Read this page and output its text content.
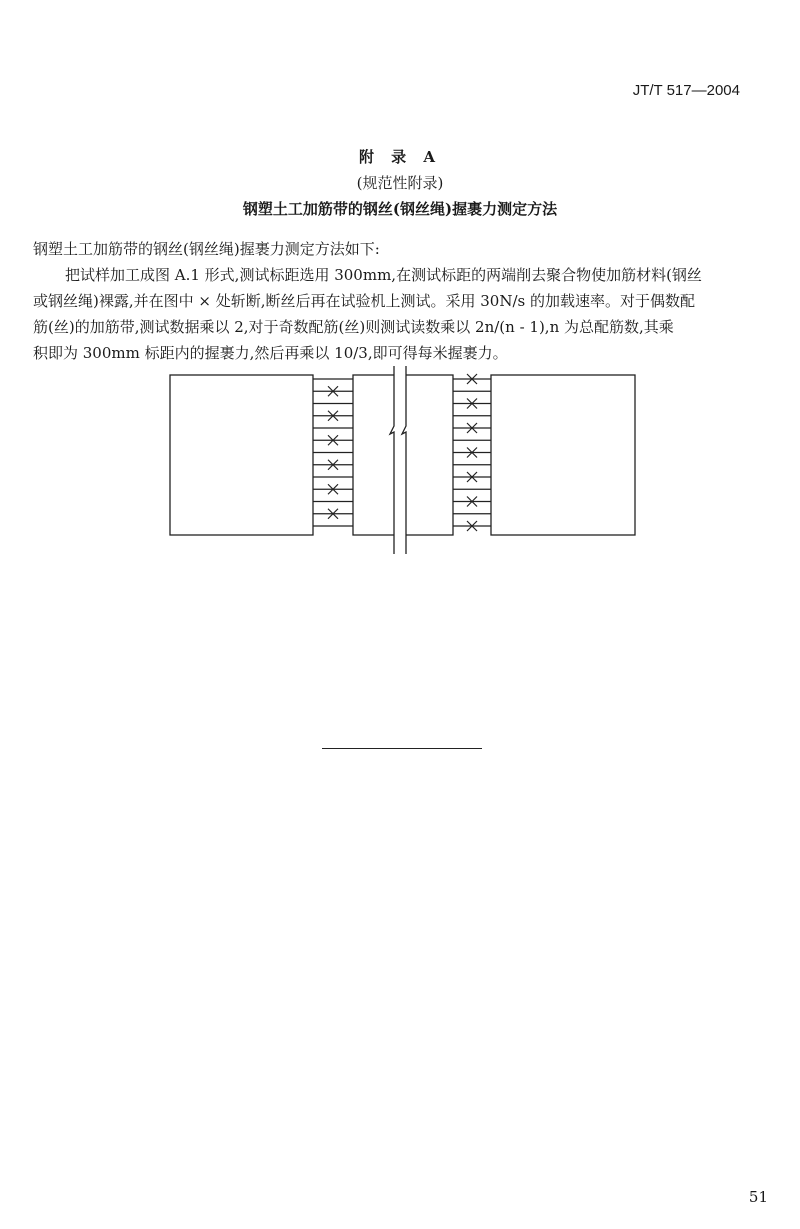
JT/T 517—2004
附 录 A
(规范性附录)
钢塑土工加筋带的钢丝(钢丝绳)握裹力测定方法
钢塑土工加筋带的钢丝(钢丝绳)握裹力测定方法如下:
把试样加工成图 A.1 形式,测试标距选用 300mm,在测试标距的两端削去聚合物使加筋材料(钢丝
或钢丝绳)裸露,并在图中 × 处斩断,断丝后再在试验机上测试。采用 30N/s 的加载速率。对于偶数配
筋(丝)的加筋带,测试数据乘以 2,对于奇数配筋(丝)则测试读数乘以 2n/(n - 1),n 为总配筋数,其乘
积即为 300mm 标距内的握裹力,然后再乘以 10/3,即可得每米握裹力。
51
